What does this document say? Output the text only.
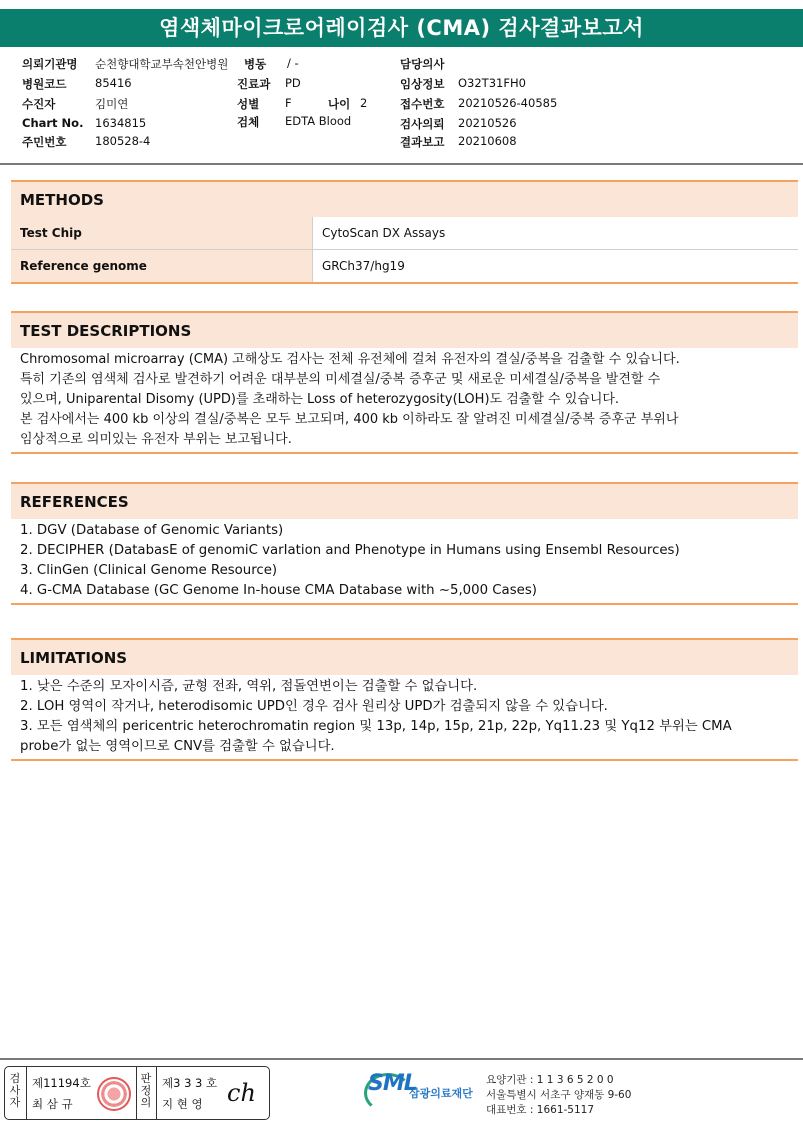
염색체마이크로어레이검사 (CMA) 검사결과보고서
의뢰기관명 순천향대학교부속천안병원 병동 / -	담당의사
병원코드 85416	진료과 PD	임상정보 O32T31FH0
수진자	김미연	성별 F	나이 2	접수번호 20210526-40585
Chart No. 1634815	검체 EDTA Blood	검사의뢰 20210526
주민번호 180528-4	결과보고 20210608
METHODS
Test Chip	CytoScan DX Assays
Reference genome	GRCh37/hg19
TEST DESCRIPTIONS
Chromosomal microarray (CMA) 고해상도 검사는 전체 유전체에 걸쳐 유전자의 결실/중복을 검출할 수 있습니다.
특히 기존의 염색체 검사로 발견하기 어려운 대부분의 미세결실/중복 증후군 및 새로운 미세결실/중복을 발견할 수
있으며, Uniparental Disomy (UPD)를 초래하는 Loss of heterozygosity(LOH)도 검출할 수 있습니다.
본 검사에서는 400 kb 이상의 결실/중복은 모두 보고되며, 400 kb 이하라도 잘 알려진 미세결실/중복 증후군 부위나
임상적으로 의미있는 유전자 부위는 보고됩니다.
REFERENCES
1. DGV (Database of Genomic Variants)
2. DECIPHER (DatabasE of genomiC varIation and Phenotype in Humans using Ensembl Resources)
3. ClinGen (Clinical Genome Resource)
4. G-CMA Database (GC Genome In-house CMA Database with ~5,000 Cases)
LIMITATIONS
1. 낮은 수준의 모자이시즘, 균형 전좌, 역위, 점돌연변이는 검출할 수 없습니다.
2. LOH 영역이 작거나, heterodisomic UPD인 경우 검사 원리상 UPD가 검출되지 않을 수 있습니다.
3. 모든 염색체의 pericentric heterochromatin region 및 13p, 14p, 15p, 21p, 22p, Yq11.23 및 Yq12 부위는 CMA
probe가 없는 영역이므로 CNV를 검출할 수 없습니다.
검사자
제11194호
최 삼 규
판정의
제3 3 3 호
지 현 영 ch	SML
삼광의료재단
요양기관 : 1 1 3 6 5 2 0 0
서울특별시 서초구 양재동 9-60
대표번호 : 1661-5117
